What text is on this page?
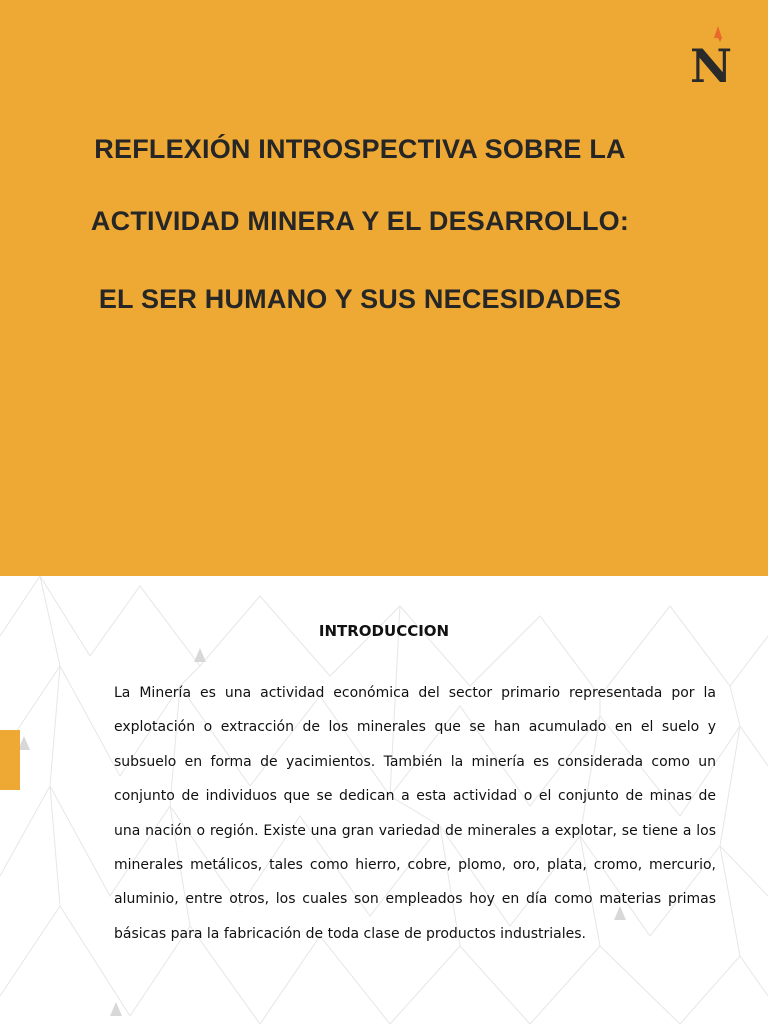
N
REFLEXIÓN INTROSPECTIVA SOBRE LA
ACTIVIDAD MINERA Y EL DESARROLLO:
EL SER HUMANO Y SUS NECESIDADES
INTRODUCCION

La Minería es una actividad económica del sector primario representada por la explotación o extracción de los minerales que se han acumulado en el suelo y subsuelo en forma de yacimientos. También la minería es considerada como un conjunto de individuos que se dedican a esta actividad o el conjunto de minas de una nación o región. Existe una gran variedad de minerales a explotar, se tiene a los minerales metálicos, tales como hierro, cobre, plomo, oro, plata, cromo, mercurio, aluminio, entre otros, los cuales son empleados hoy en día como materias primas básicas para la fabricación de toda clase de productos industriales.
